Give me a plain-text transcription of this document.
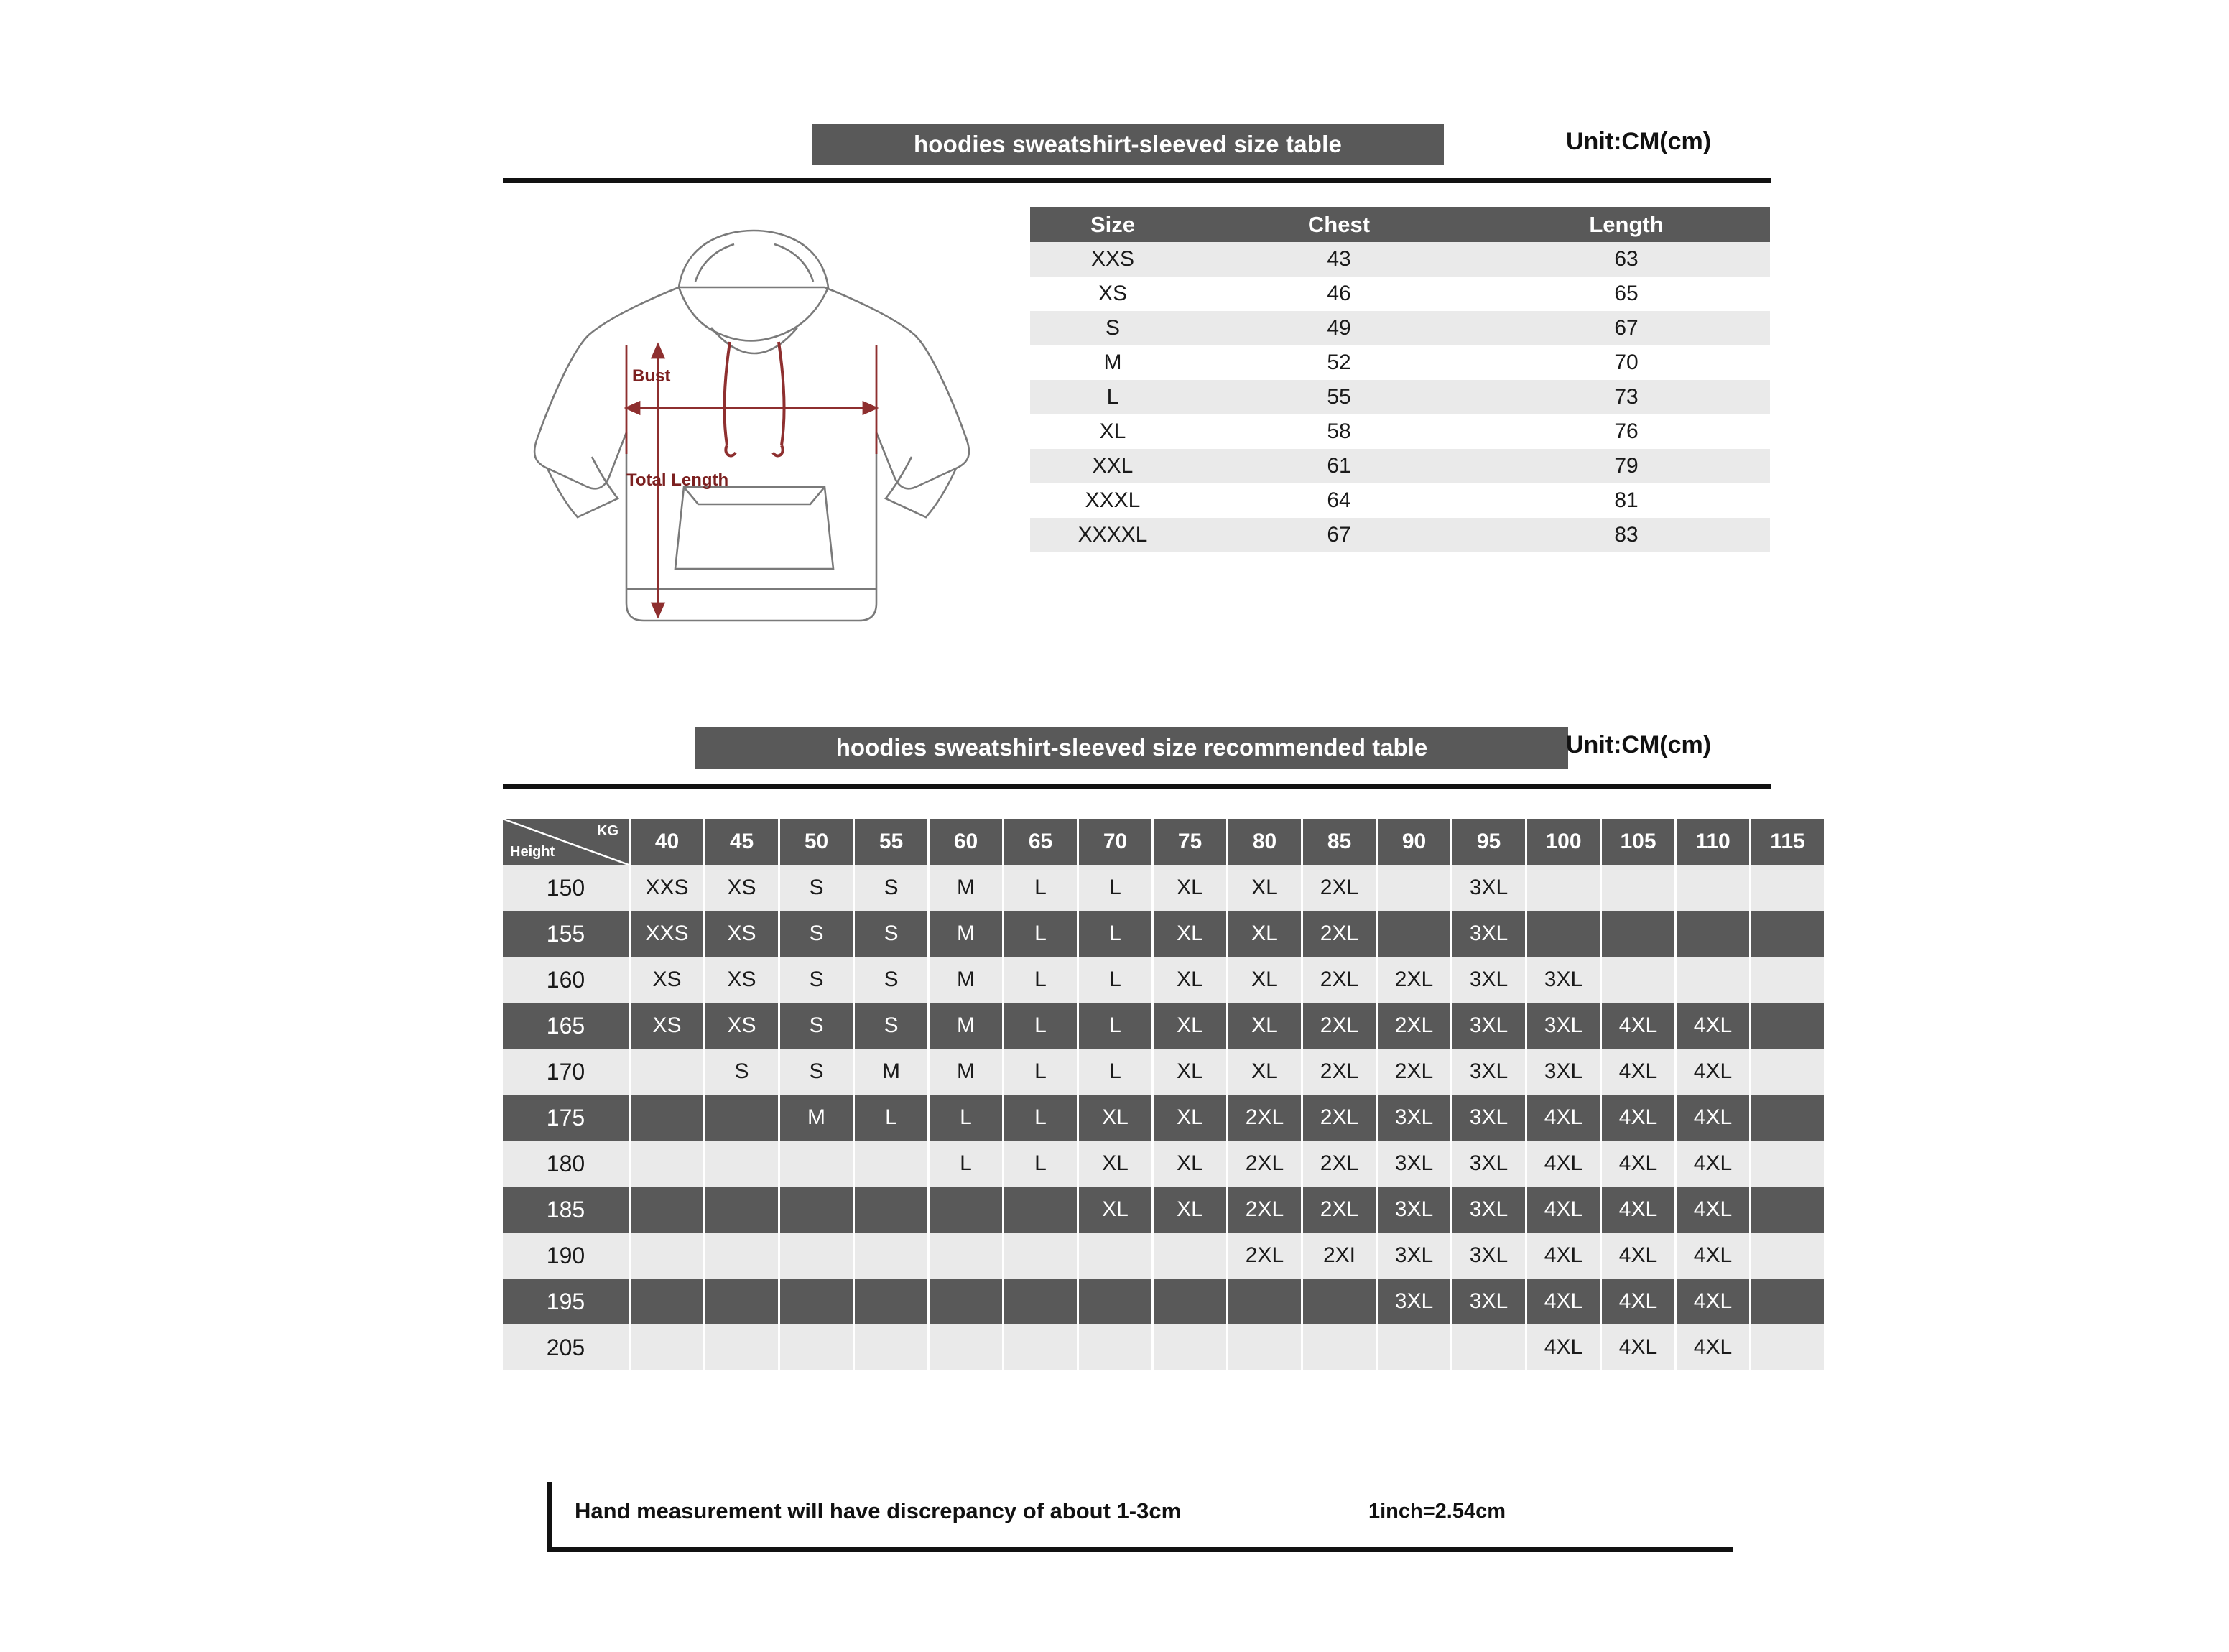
hoodies sweatshirt-sleeved size table	Unit:CM(cm)
Bust
Total Length
Size	Chest	Length
XXS	43	63
XS	46	65
S	49	67
M	52	70
L	55	73
XL	58	76
XXL	61	79
XXXL	64	81
XXXXL	67	83
hoodies sweatshirt-sleeved size recommended table	Unit:CM(cm)
KG
Height	40	45	50	55	60	65	70	75	80	85	90	95	100	105	110	115
150	XXS	XS	S	S	M	L	L	XL	XL	2XL		3XL				
155	XXS	XS	S	S	M	L	L	XL	XL	2XL		3XL				
160	XS	XS	S	S	M	L	L	XL	XL	2XL	2XL	3XL	3XL			
165	XS	XS	S	S	M	L	L	XL	XL	2XL	2XL	3XL	3XL	4XL	4XL	
170		S	S	M	M	L	L	XL	XL	2XL	2XL	3XL	3XL	4XL	4XL	
175			M	L	L	L	XL	XL	2XL	2XL	3XL	3XL	4XL	4XL	4XL	
180					L	L	XL	XL	2XL	2XL	3XL	3XL	4XL	4XL	4XL	
185							XL	XL	2XL	2XL	3XL	3XL	4XL	4XL	4XL	
190									2XL	2XI	3XL	3XL	4XL	4XL	4XL	
195											3XL	3XL	4XL	4XL	4XL	
205													4XL	4XL	4XL	
Hand measurement will have discrepancy of about 1-3cm	1inch=2.54cm
